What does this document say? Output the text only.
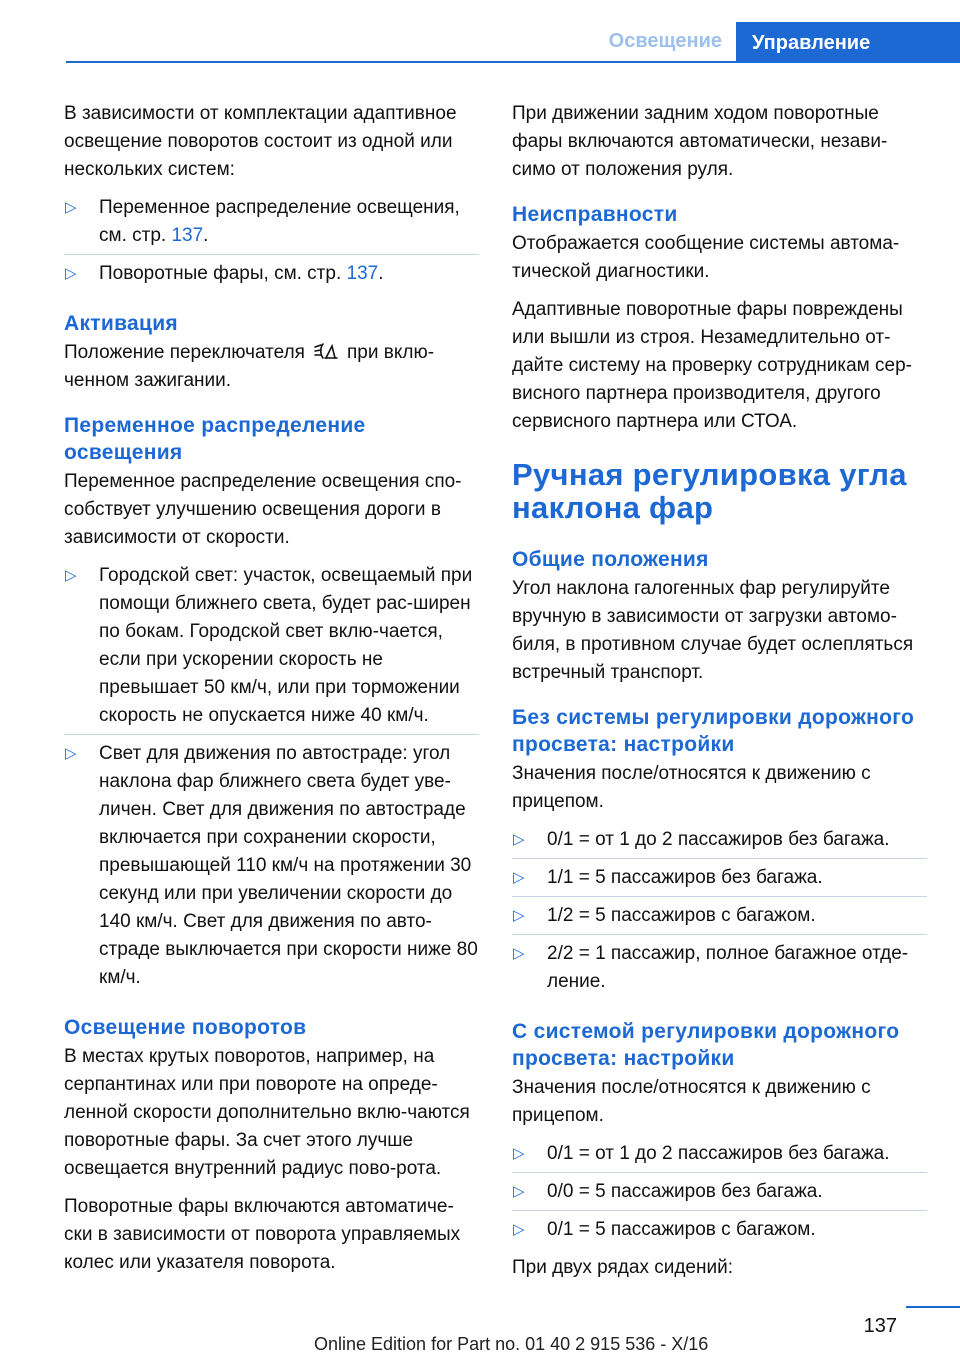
Освещение	Управление

В зависимости от комплектации адаптивное освещение поворотов состоит из одной или нескольких систем:

▷ Переменное распределение освещения, см. стр. 137.
▷ Поворотные фары, см. стр. 137.
Активация

Положение переключателя при вклю-ченном зажигании.

Переменное распределение освещения

Переменное распределение освещения спо-собствует улучшению освещения дороги в зависимости от скорости.

▷ Городской свет: участок, освещаемый при помощи ближнего света, будет рас-ширен по бокам. Городской свет вклю-чается, если при ускорении скорость не превышает 50 км/ч, или при торможении скорость не опускается ниже 40 км/ч.
▷ Свет для движения по автостраде: угол наклона фар ближнего света будет уве-личен. Свет для движения по автостраде включается при сохранении скорости, превышающей 110 км/ч на протяжении 30 секунд или при увеличении скорости до 140 км/ч. Свет для движения по авто-страде выключается при скорости ниже 80 км/ч.
Освещение поворотов

В местах крутых поворотов, например, на серпантинах или при повороте на опреде-ленной скорости дополнительно вклю-чаются поворотные фары. За счет этого лучше освещается внутренний радиус пово-рота.

Поворотные фары включаются автоматиче-ски в зависимости от поворота управляемых колес или указателя поворота.

При движении задним ходом поворотные фары включаются автоматически, незави-симо от положения руля.

Неисправности

Отображается сообщение системы автома-тической диагностики.

Адаптивные поворотные фары повреждены или вышли из строя. Незамедлительно от-дайте систему на проверку сотрудникам сер-висного партнера производителя, другого сервисного партнера или СТОА.

Ручная регулировка угла наклона фар
Общие положения

Угол наклона галогенных фар регулируйте вручную в зависимости от загрузки автомо-биля, в противном случае будет ослепляться встречный транспорт.

Без системы регулировки дорожного просвета: настройки

Значения после/относятся к движению с прицепом.

▷ 0/1 = от 1 до 2 пассажиров без багажа.
▷ 1/1 = 5 пассажиров без багажа.
▷ 1/2 = 5 пассажиров с багажом.
▷ 2/2 = 1 пассажир, полное багажное отде-ление.
С системой регулировки дорожного просвета: настройки

Значения после/относятся к движению с прицепом.

▷ 0/1 = от 1 до 2 пассажиров без багажа.
▷ 0/0 = 5 пассажиров без багажа.
▷ 0/1 = 5 пассажиров с багажом.

При двух рядах сидений:

137
Online Edition for Part no. 01 40 2 915 536 - X/16
